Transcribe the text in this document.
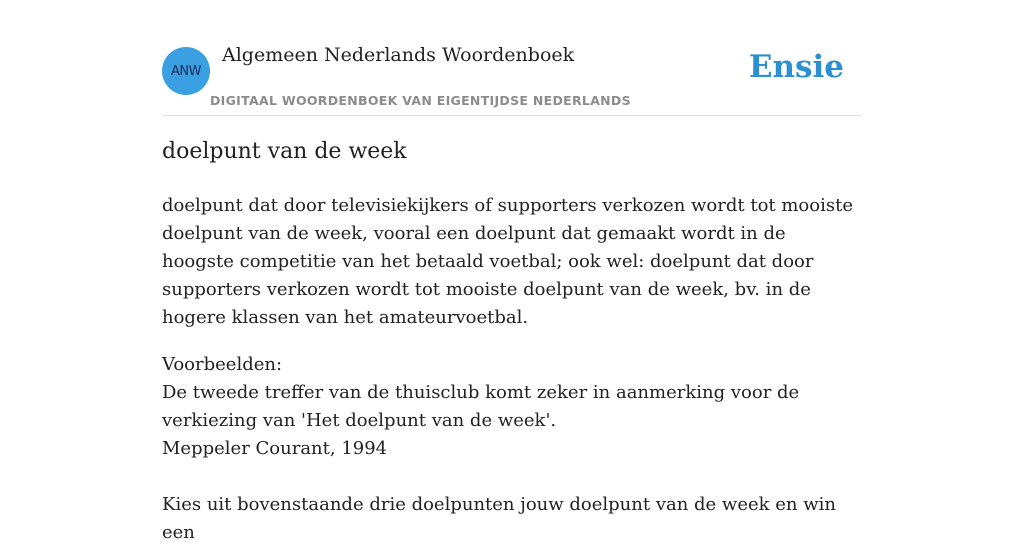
ANW
Algemeen Nederlands Woordenboek
DIGITAAL WOORDENBOEK VAN EIGENTIJDSE NEDERLANDS
Ensie
doelpunt van de week

doelpunt dat door televisiekijkers of supporters verkozen wordt tot mooiste doelpunt van de week, vooral een doelpunt dat gemaakt wordt in de hoogste competitie van het betaald voetbal; ook wel: doelpunt dat door supporters verkozen wordt tot mooiste doelpunt van de week, bv. in de hogere klassen van het amateurvoetbal.

Voorbeelden:
De tweede treffer van de thuisclub komt zeker in aanmerking voor de verkiezing van 'Het doelpunt van de week'.
Meppeler Courant, 1994
Kies uit bovenstaande drie doelpunten jouw doelpunt van de week en win een
